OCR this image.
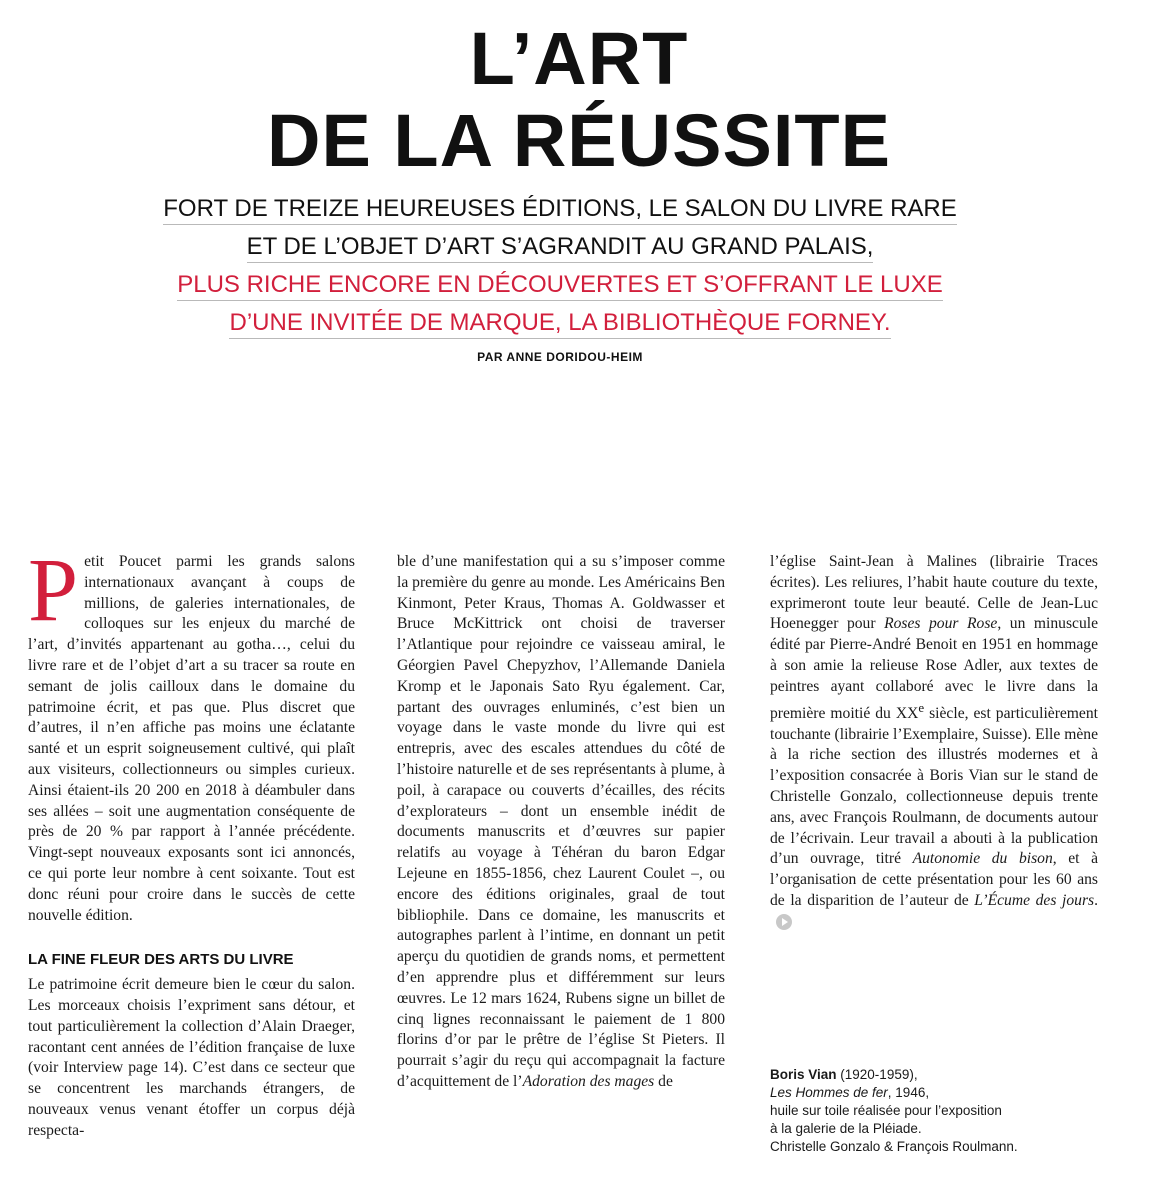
L’ART
DE LA RÉUSSITE
FORT DE TREIZE HEUREUSES ÉDITIONS, LE SALON DU LIVRE RARE
ET DE L’OBJET D’ART S’AGRANDIT AU GRAND PALAIS,
PLUS RICHE ENCORE EN DÉCOUVERTES ET S’OFFRANT LE LUXE
D’UNE INVITÉE DE MARQUE, LA BIBLIOTHÈQUE FORNEY.
PAR ANNE DORIDOU-HEIM

Petit Poucet parmi les grands salons internationaux avançant à coups de millions, de galeries internationales, de colloques sur les enjeux du marché de l’art, d’invités appartenant au gotha…, celui du livre rare et de l’objet d’art a su tracer sa route en semant de jolis cailloux dans le domaine du patrimoine écrit, et pas que. Plus discret que d’autres, il n’en affiche pas moins une éclatante santé et un esprit soigneusement cultivé, qui plaît aux visiteurs, collectionneurs ou simples curieux. Ainsi étaient-ils 20 200 en 2018 à déambuler dans ses allées – soit une augmentation conséquente de près de 20 % par rapport à l’année précédente. Vingt-sept nouveaux exposants sont ici annoncés, ce qui porte leur nombre à cent soixante. Tout est donc réuni pour croire dans le succès de cette nouvelle édition.

LA FINE FLEUR DES ARTS DU LIVRE

Le patrimoine écrit demeure bien le cœur du salon. Les morceaux choisis l’expriment sans détour, et tout particulièrement la collection d’Alain Draeger, racontant cent années de l’édition française de luxe (voir Interview page 14). C’est dans ce secteur que se concentrent les marchands étrangers, de nouveaux venus venant étoffer un corpus déjà respecta-

ble d’une manifestation qui a su s’imposer comme la première du genre au monde. Les Américains Ben Kinmont, Peter Kraus, Thomas A. Goldwasser et Bruce McKittrick ont choisi de traverser l’Atlantique pour rejoindre ce vaisseau amiral, le Géorgien Pavel Chepyzhov, l’Allemande Daniela Kromp et le Japonais Sato Ryu également. Car, partant des ouvrages enluminés, c’est bien un voyage dans le vaste monde du livre qui est entrepris, avec des escales attendues du côté de l’histoire naturelle et de ses représentants à plume, à poil, à carapace ou couverts d’écailles, des récits d’explorateurs – dont un ensemble inédit de documents manuscrits et d’œuvres sur papier relatifs au voyage à Téhéran du baron Edgar Lejeune en 1855-1856, chez Laurent Coulet –, ou encore des éditions originales, graal de tout bibliophile. Dans ce domaine, les manuscrits et autographes parlent à l’intime, en donnant un petit aperçu du quotidien de grands noms, et permettent d’en apprendre plus et différemment sur leurs œuvres. Le 12 mars 1624, Rubens signe un billet de cinq lignes reconnaissant le paiement de 1 800 florins d’or par le prêtre de l’église St Pieters. Il pourrait s’agir du reçu qui accompagnait la facture d’acquittement de l’Adoration des mages de

l’église Saint-Jean à Malines (librairie Traces écrites). Les reliures, l’habit haute couture du texte, exprimeront toute leur beauté. Celle de Jean-Luc Hoenegger pour Roses pour Rose, un minuscule édité par Pierre-André Benoit en 1951 en hommage à son amie la relieuse Rose Adler, aux textes de peintres ayant collaboré avec le livre dans la première moitié du XXe siècle, est particulièrement touchante (librairie l’Exemplaire, Suisse). Elle mène à la riche section des illustrés modernes et à l’exposition consacrée à Boris Vian sur le stand de Christelle Gonzalo, collectionneuse depuis trente ans, avec François Roulmann, de documents autour de l’écrivain. Leur travail a abouti à la publication d’un ouvrage, titré Autonomie du bison, et à l’organisation de cette présentation pour les 60 ans de la disparition de l’auteur de L’Écume des jours.

Boris Vian (1920-1959),
Les Hommes de fer, 1946,
huile sur toile réalisée pour l’exposition
à la galerie de la Pléiade.
Christelle Gonzalo & François Roulmann.
